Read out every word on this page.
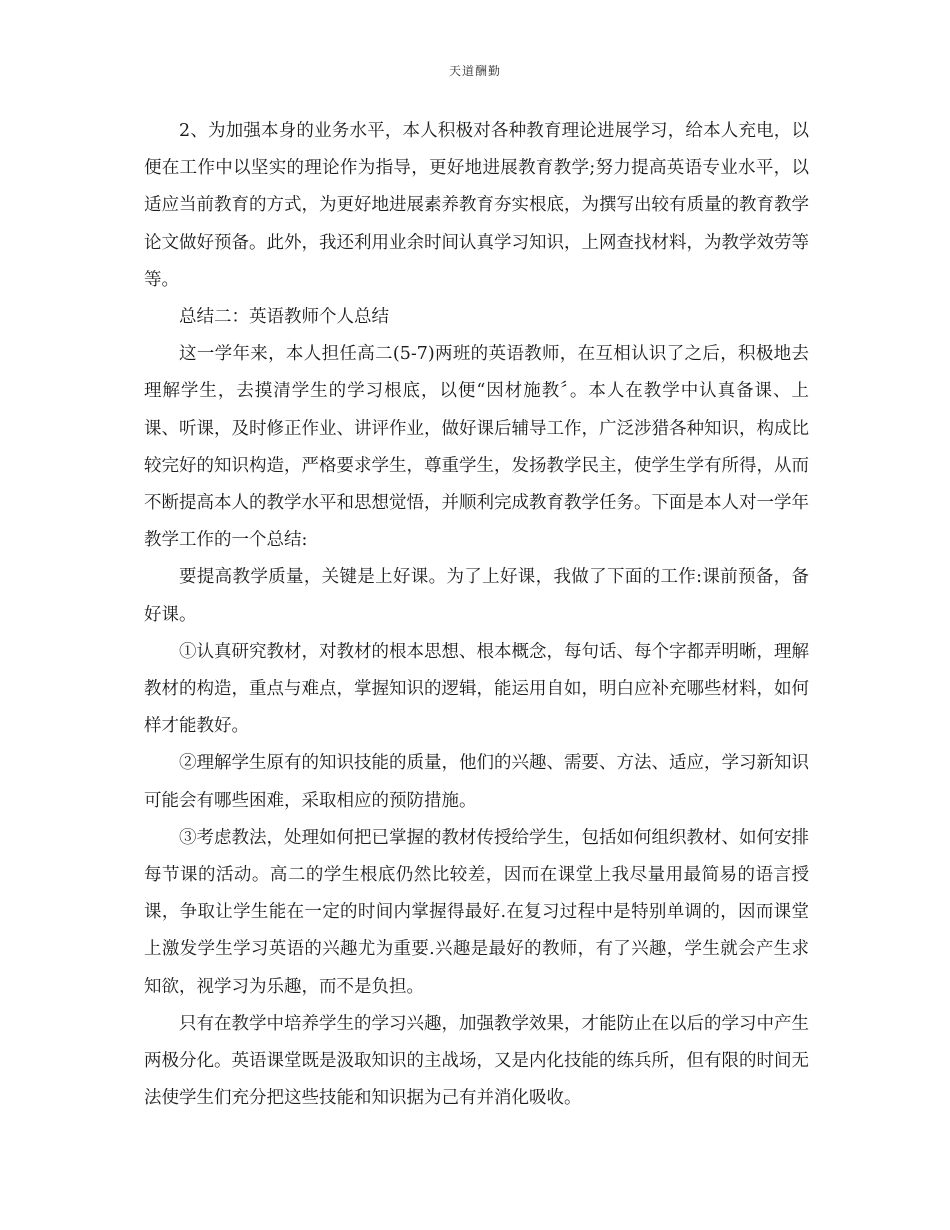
天道酬勤

2、为加强本身的业务水平，本人积极对各种教育理论进展学习，给本人充电，以便在工作中以坚实的理论作为指导，更好地进展教育教学;努力提高英语专业水平，以适应当前教育的方式，为更好地进展素养教育夯实根底，为撰写出较有质量的教育教学论文做好预备。此外，我还利用业余时间认真学习知识，上网查找材料，为教学效劳等等。

总结二：英语教师个人总结

这一学年来，本人担任高二(5-7)两班的英语教师，在互相认识了之后，积极地去理解学生，去摸清学生的学习根底，以便“因材施教〞。本人在教学中认真备课、上课、听课，及时修正作业、讲评作业，做好课后辅导工作，广泛涉猎各种知识，构成比较完好的知识构造，严格要求学生，尊重学生，发扬教学民主，使学生学有所得，从而不断提高本人的教学水平和思想觉悟，并顺利完成教育教学任务。下面是本人对一学年教学工作的一个总结:

要提高教学质量，关键是上好课。为了上好课，我做了下面的工作:课前预备，备好课。

①认真研究教材，对教材的根本思想、根本概念，每句话、每个字都弄明晰，理解教材的构造，重点与难点，掌握知识的逻辑，能运用自如，明白应补充哪些材料，如何样才能教好。

②理解学生原有的知识技能的质量，他们的兴趣、需要、方法、适应，学习新知识可能会有哪些困难，采取相应的预防措施。

③考虑教法，处理如何把已掌握的教材传授给学生，包括如何组织教材、如何安排每节课的活动。高二的学生根底仍然比较差，因而在课堂上我尽量用最简易的语言授课，争取让学生能在一定的时间内掌握得最好.在复习过程中是特别单调的，因而课堂上激发学生学习英语的兴趣尤为重要.兴趣是最好的教师，有了兴趣，学生就会产生求知欲，视学习为乐趣，而不是负担。

只有在教学中培养学生的学习兴趣，加强教学效果，才能防止在以后的学习中产生两极分化。英语课堂既是汲取知识的主战场，又是内化技能的练兵所，但有限的时间无法使学生们充分把这些技能和知识据为己有并消化吸收。
